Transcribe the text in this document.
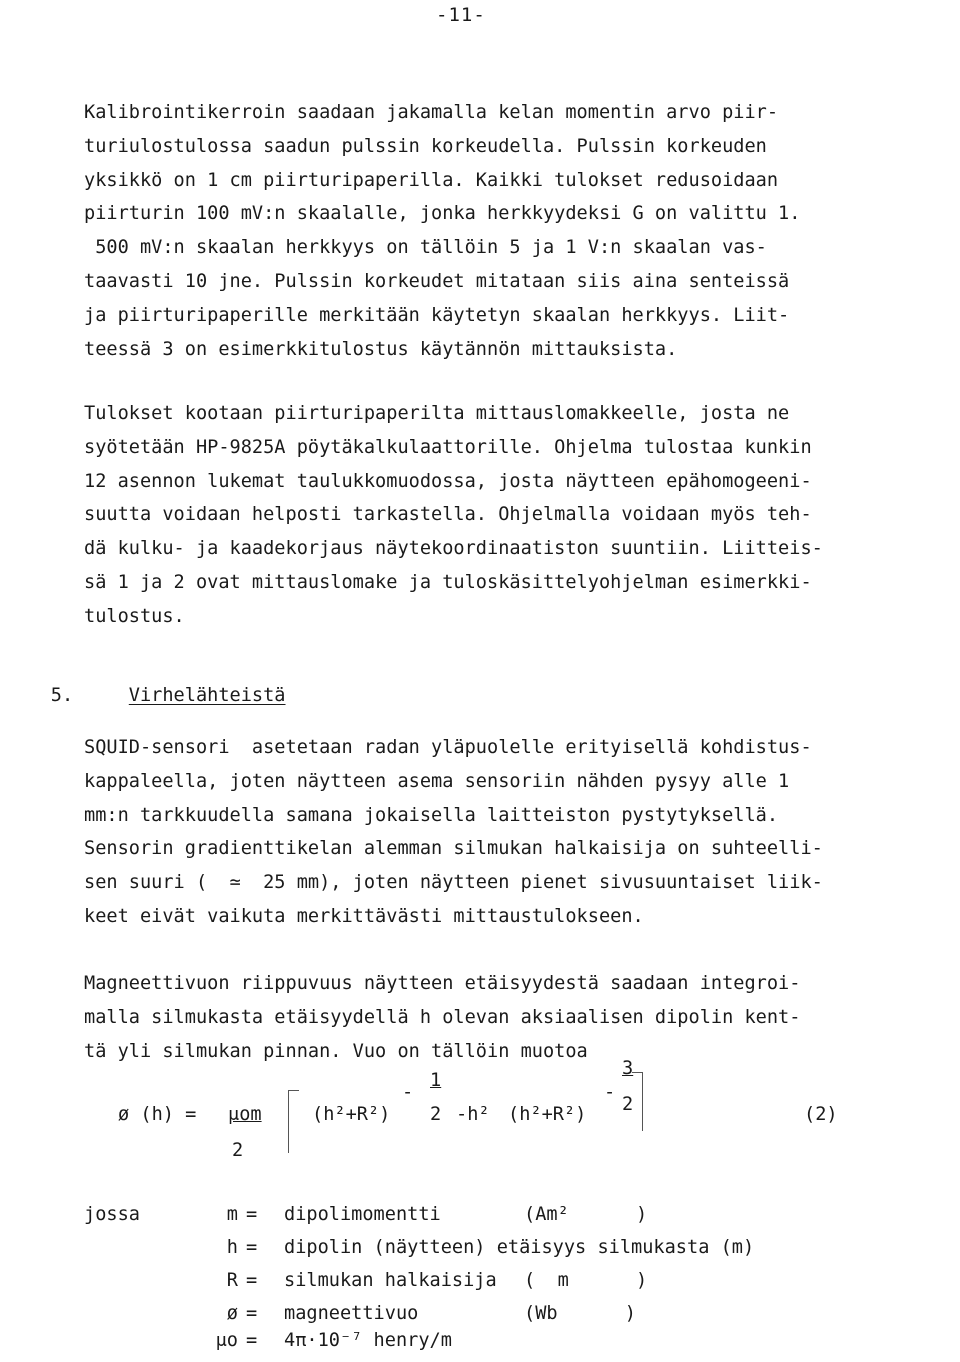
-11-

Kalibrointikerroin saadaan jakamalla kelan momentin arvo piir-
turiulostulossa saadun pulssin korkeudella. Pulssin korkeuden
yksikkö on 1 cm piirturipaperilla. Kaikki tulokset redusoidaan
piirturin 100 mV:n skaalalle, jonka herkkyydeksi G on valittu 1.
500 mV:n skaalan herkkyys on tällöin 5 ja 1 V:n skaalan vas-
taavasti 10 jne. Pulssin korkeudet mitataan siis aina senteissä
ja piirturipaperille merkitään käytetyn skaalan herkkyys. Liit-
teessä 3 on esimerkkitulostus käytännön mittauksista.

Tulokset kootaan piirturipaperilta mittauslomakkeelle, josta ne
syötetään HP-9825A pöytäkalkulaattorille. Ohjelma tulostaa kunkin
12 asennon lukemat taulukkomuodossa, josta näytteen epähomogeeni-
suutta voidaan helposti tarkastella. Ohjelmalla voidaan myös teh-
dä kulku- ja kaadekorjaus näytekoordinaatiston suuntiin. Liitteis-
sä 1 ja 2 ovat mittauslomake ja tuloskäsittelyohjelman esimerkki-
tulostus.

5.	Virhelähteistä

SQUID-sensori  asetetaan radan yläpuolelle erityisellä kohdistus-
kappaleella, joten näytteen asema sensoriin nähden pysyy alle 1
mm:n tarkkuudella samana jokaisella laitteiston pystytyksellä.
Sensorin gradienttikelan alemman silmukan halkaisija on suhteelli-
sen suuri (  ≃  25 mm), joten näytteen pienet sivusuuntaiset liik-
keet eivät vaikuta merkittävästi mittaustulokseen.

Magneettivuon riippuvuus näytteen etäisyydestä saadaan integroi-
malla silmukasta etäisyydellä h olevan aksiaalisen dipolin kent-
tä yli silmukan pinnan. Vuo on tällöin muotoa

ø (h) = μom
2
(h²+R²)
-
1
2 -h² (h²+R²)
-
3
2	(2)
jossa	m = dipolimomentti	(Am²      )
h = dipolin (näytteen) etäisyys silmukasta (m)
R = silmukan halkaisija (  m      )
ø = magneettivuo	(Wb      )
μo = 4π·10⁻⁷ henry/m
